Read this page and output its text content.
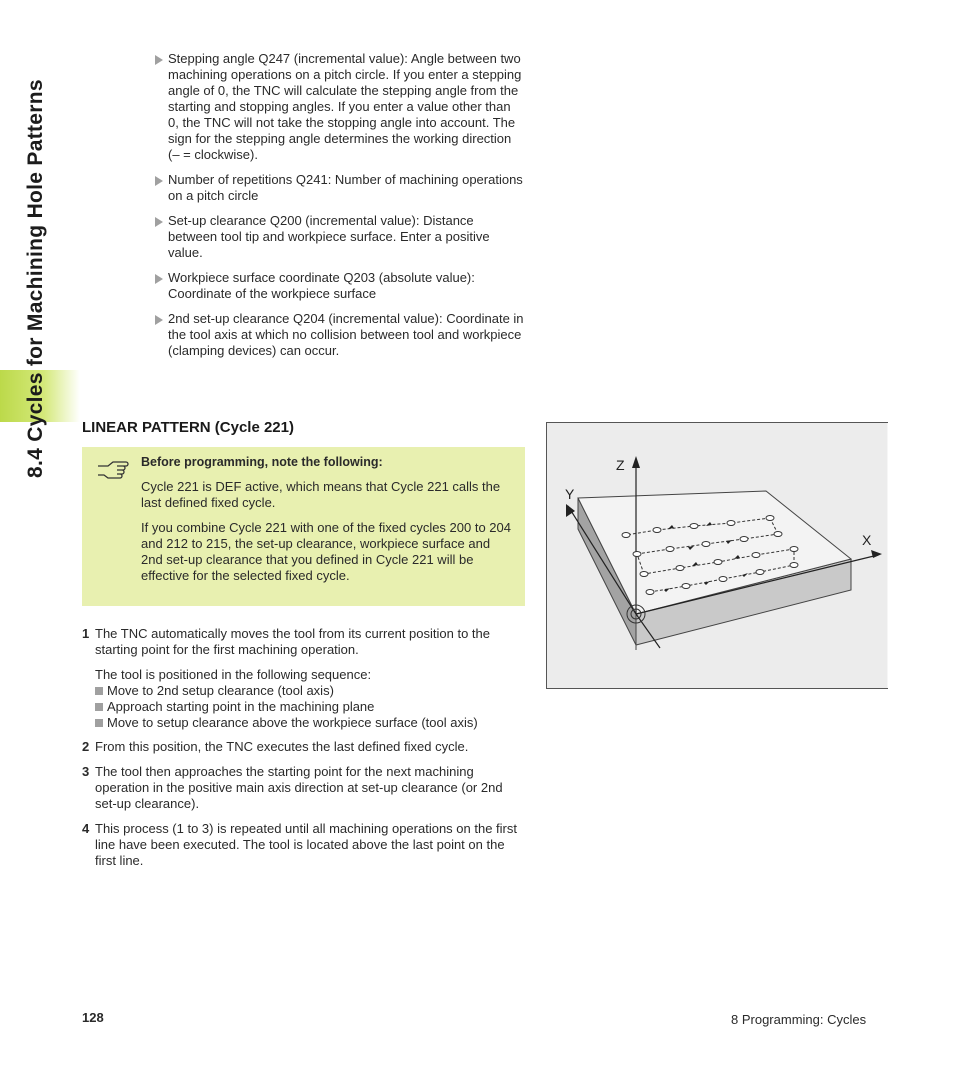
8.4 Cycles for Machining Hole Patterns
Stepping angle Q247 (incremental value): Angle between two machining operations on a pitch circle. If you enter a stepping angle of 0, the TNC will calculate the stepping angle from the starting and stopping angles. If you enter a value other than 0, the TNC will not take the stopping angle into account. The sign for the stepping angle determines the working direction (– = clockwise).
Number of repetitions Q241: Number of machining operations on a pitch circle
Set-up clearance Q200 (incremental value): Distance between tool tip and workpiece surface. Enter a positive value.
Workpiece surface coordinate Q203 (absolute value): Coordinate of the workpiece surface
2nd set-up clearance Q204 (incremental value): Coordinate in the tool axis at which no collision between tool and workpiece (clamping devices) can occur.
LINEAR PATTERN (Cycle 221)

Before programming, note the following:

Cycle 221 is DEF active, which means that Cycle 221 calls the last defined fixed cycle.

If you combine Cycle 221 with one of the fixed cycles 200 to 204 and 212 to 215, the set-up clearance, workpiece surface and 2nd set-up clearance that you defined in Cycle 221 will be effective for the selected fixed cycle.

1 The TNC automatically moves the tool from its current position to the starting point for the first machining operation.

The tool is positioned in the following sequence:
Move to 2nd setup clearance (tool axis)
Approach starting point in the machining plane
Move to setup clearance above the workpiece surface (tool axis)
2 From this position, the TNC executes the last defined fixed cycle.

3 The tool then approaches the starting point for the next machining operation in the positive main axis direction at set-up clearance (or 2nd set-up clearance).

4 This process (1 to 3) is repeated until all machining operations on the first line have been executed. The tool is located above the last point on the first line.

Z
Y
X
128	8 Programming: Cycles
